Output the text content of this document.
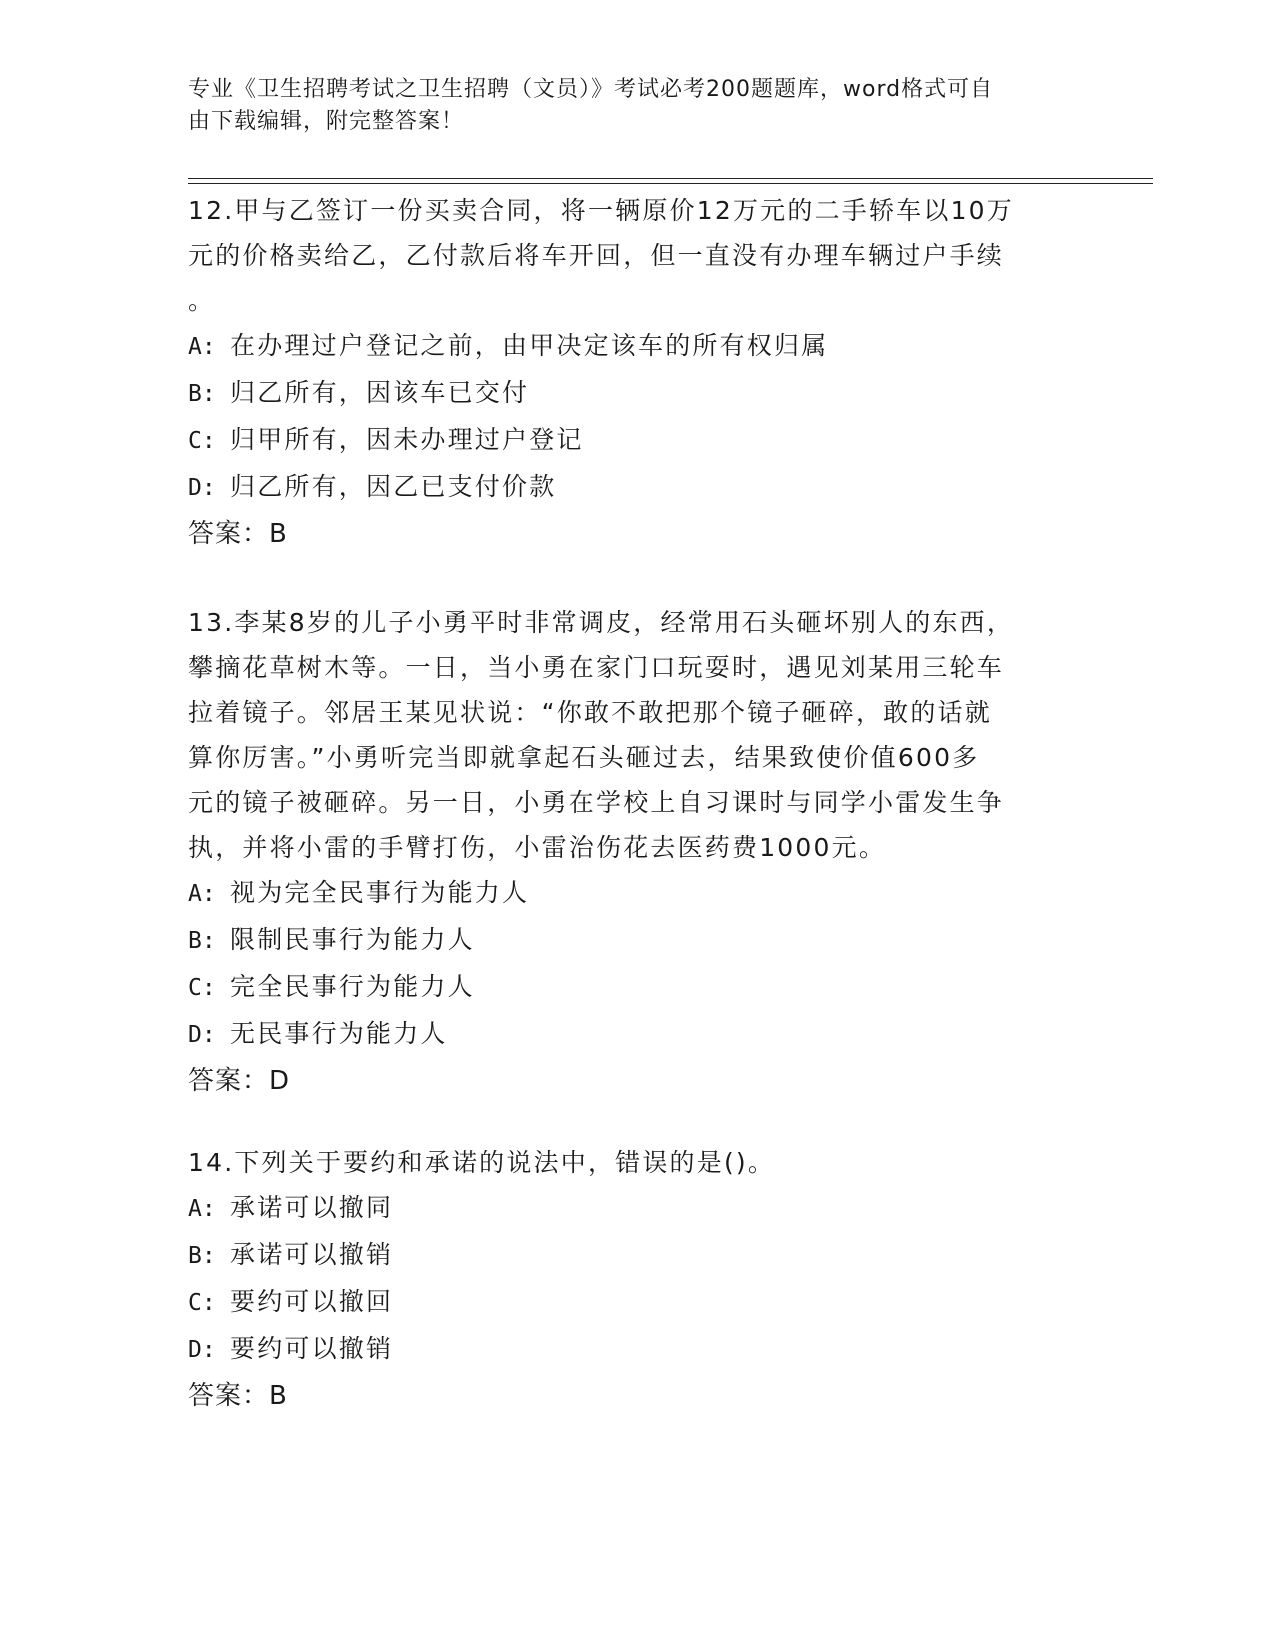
专业《卫生招聘考试之卫生招聘（文员）》考试必考200题题库，word格式可自
由下载编辑，附完整答案！

12.甲与乙签订一份买卖合同，将一辆原价12万元的二手轿车以10万

元的价格卖给乙，乙付款后将车开回，但一直没有办理车辆过户手续

。

A: 在办理过户登记之前，由甲决定该车的所有权归属

B: 归乙所有，因该车已交付

C: 归甲所有，因未办理过户登记

D: 归乙所有，因乙已支付价款

答案：B

13.李某8岁的儿子小勇平时非常调皮，经常用石头砸坏别人的东西，

攀摘花草树木等。一日，当小勇在家门口玩耍时，遇见刘某用三轮车

拉着镜子。邻居王某见状说：“你敢不敢把那个镜子砸碎，敢的话就

算你厉害。”小勇听完当即就拿起石头砸过去，结果致使价值600多

元的镜子被砸碎。另一日，小勇在学校上自习课时与同学小雷发生争

执，并将小雷的手臂打伤，小雷治伤花去医药费1000元。

A: 视为完全民事行为能力人

B: 限制民事行为能力人

C: 完全民事行为能力人

D: 无民事行为能力人

答案：D

14.下列关于要约和承诺的说法中，错误的是()。

A: 承诺可以撤同

B: 承诺可以撤销

C: 要约可以撤回

D: 要约可以撤销

答案：B
